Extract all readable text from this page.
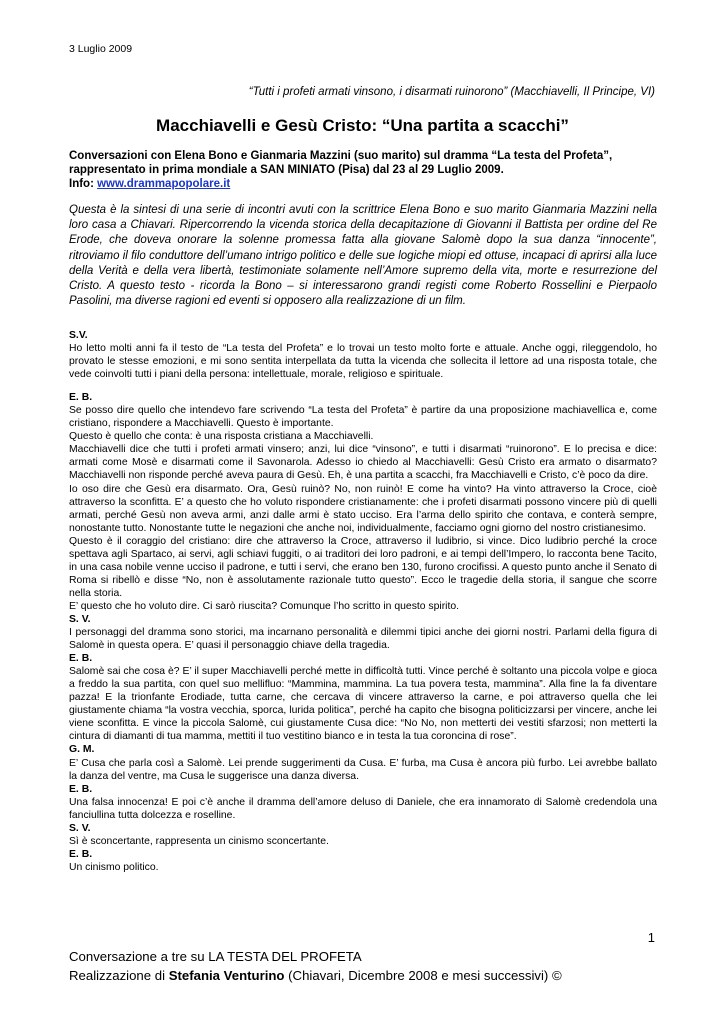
3 Luglio 2009
“Tutti i profeti armati vinsono, i disarmati ruinorono” (Macchiavelli, Il Principe, VI)
Macchiavelli e Gesù Cristo: “Una partita a scacchi”
Conversazioni con Elena Bono e Gianmaria Mazzini (suo marito) sul dramma “La testa del Profeta”, rappresentato in prima mondiale a SAN MINIATO (Pisa) dal 23 al 29 Luglio 2009.
Info: www.drammapopolare.it
Questa è la sintesi di una serie di incontri avuti con la scrittrice Elena Bono e suo marito Gianmaria Mazzini nella loro casa a Chiavari. Ripercorrendo la vicenda storica della decapitazione di Giovanni il Battista per ordine del Re Erode, che doveva onorare la solenne promessa fatta alla giovane Salomè dopo la sua danza “innocente”, ritroviamo il filo conduttore dell’umano intrigo politico e delle sue logiche miopi ed ottuse, incapaci di aprirsi alla luce della Verità e della vera libertà, testimoniate solamente nell’Amore supremo della vita, morte e resurrezione del Cristo. A questo testo - ricorda la Bono – si interessarono grandi registi come Roberto Rossellini e Pierpaolo Pasolini, ma diverse ragioni ed eventi si opposero alla realizzazione di un film.

S.V.

Ho letto molti anni fa il testo de “La testa del Profeta” e lo trovai un testo molto forte e attuale. Anche oggi, rileggendolo, ho provato le stesse emozioni, e mi sono sentita interpellata da tutta la vicenda che sollecita il lettore ad una risposta totale, che vede coinvolti tutti i piani della persona: intellettuale, morale, religioso e spirituale.

E. B.

Se posso dire quello che intendevo fare scrivendo “La testa del Profeta” è partire da una proposizione machiavellica e, come cristiano, rispondere a Macchiavelli. Questo è importante.

Questo è quello che conta: è una risposta cristiana a Macchiavelli.

Macchiavelli dice che tutti i profeti armati vinsero; anzi, lui dice “vinsono”, e tutti i disarmati “ruinorono”. E lo precisa e dice: armati come Mosè e disarmati come il Savonarola. Adesso io chiedo al Macchiavelli: Gesù Cristo era armato o disarmato? Macchiavelli non risponde perché aveva paura di Gesù. Eh, è una partita a scacchi, fra Macchiavelli e Cristo, c’è poco da dire.

Io oso dire che Gesù era disarmato. Ora, Gesù ruinò? No, non ruinò! E come ha vinto? Ha vinto attraverso la Croce, cioè attraverso la sconfitta. E’ a questo che ho voluto rispondere cristianamente: che i profeti disarmati possono vincere più di quelli armati, perché Gesù non aveva armi, anzi dalle armi è stato ucciso. Era l’arma dello spirito che contava, e conterà sempre, nonostante tutto. Nonostante tutte le negazioni che anche noi, individualmente, facciamo ogni giorno del nostro cristianesimo.

Questo è il coraggio del cristiano: dire che attraverso la Croce, attraverso il ludibrio, si vince. Dico ludibrio perché la croce spettava agli Spartaco, ai servi, agli schiavi fuggiti, o ai traditori dei loro padroni, e ai tempi dell’Impero, lo racconta bene Tacito, in una casa nobile venne ucciso il padrone, e tutti i servi, che erano ben 130, furono crocifissi. A questo punto anche il Senato di Roma si ribellò e disse “No, non è assolutamente razionale tutto questo”. Ecco le tragedie della storia, il sangue che scorre nella storia.

E’ questo che ho voluto dire. Ci sarò riuscita? Comunque l’ho scritto in questo spirito.

S. V.

I personaggi del dramma sono storici, ma incarnano personalità e dilemmi tipici anche dei giorni nostri. Parlami della figura di Salomè in questa opera. E’ quasi il personaggio chiave della tragedia.

E. B.

Salomè sai che cosa è? E’ il super Macchiavelli perché mette in difficoltà tutti. Vince perché è soltanto una piccola volpe e gioca a freddo la sua partita, con quel suo mellifluo: “Mammina, mammina. La tua povera testa, mammina”. Alla fine la fa diventare pazza! E la trionfante Erodiade, tutta carne, che cercava di vincere attraverso la carne, e poi attraverso quella che lei giustamente chiama “la vostra vecchia, sporca, lurida politica”, perché ha capito che bisogna politicizzarsi per vincere, anche lei viene sconfitta. E vince la piccola Salomè, cui giustamente Cusa dice: “No No, non metterti dei vestiti sfarzosi; non metterti la cintura di diamanti di tua mamma, mettiti il tuo vestitino bianco e in testa la tua coroncina di rose”.

G. M.

E’ Cusa che parla così a Salomè. Lei prende suggerimenti da Cusa. E’ furba, ma Cusa è ancora più furbo. Lei avrebbe ballato la danza del ventre, ma Cusa le suggerisce una danza diversa.

E. B.

Una falsa innocenza! E poi c’è anche il dramma dell’amore deluso di Daniele, che era innamorato di Salomè credendola una fanciullina tutta dolcezza e roselline.

S. V.

Sì è sconcertante, rappresenta un cinismo sconcertante.

E. B.

Un cinismo politico.

1
Conversazione a tre su LA TESTA DEL PROFETA
Realizzazione di Stefania Venturino (Chiavari, Dicembre 2008 e mesi successivi) ©
